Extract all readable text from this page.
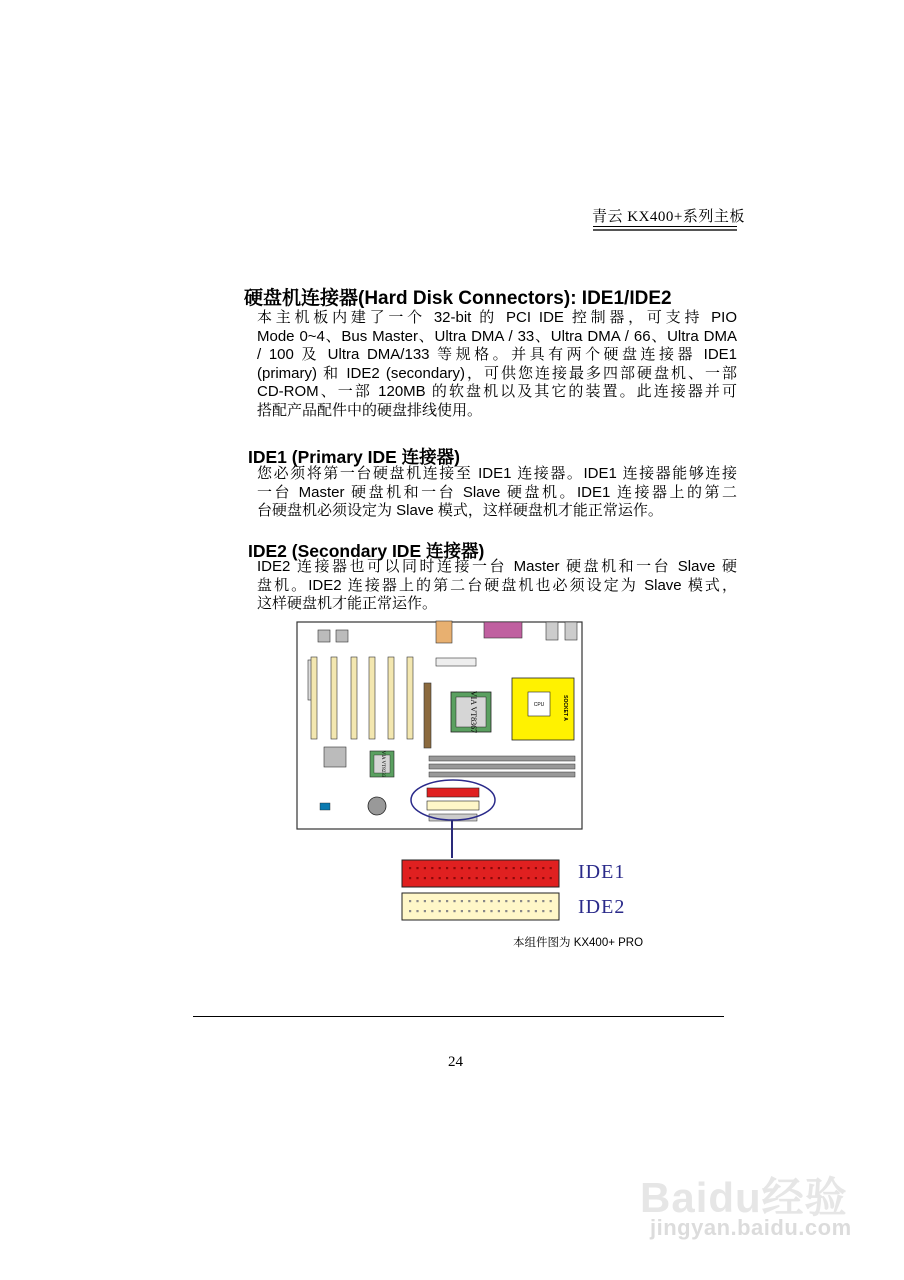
青云 KX400+系列主板
硬盘机连接器(Hard Disk Connectors): IDE1/IDE2
本主机板内建了一个 32-bit 的 PCI IDE 控制器，可支持 PIO
Mode 0~4、Bus Master、Ultra DMA / 33、Ultra DMA / 66、Ultra DMA
/ 100 及 Ultra DMA/133 等规格。并具有两个硬盘连接器 IDE1
(primary) 和 IDE2 (secondary)，可供您连接最多四部硬盘机、一部
CD-ROM、一部 120MB 的软盘机以及其它的装置。此连接器并可
搭配产品配件中的硬盘排线使用。
IDE1 (Primary IDE 连接器)
您必须将第一台硬盘机连接至 IDE1 连接器。IDE1 连接器能够连接
一台 Master 硬盘机和一台 Slave 硬盘机。IDE1 连接器上的第二
台硬盘机必须设定为 Slave 模式，这样硬盘机才能正常运作。
IDE2 (Secondary IDE 连接器)
IDE2 连接器也可以同时连接一台 Master 硬盘机和一台 Slave 硬
盘机。IDE2 连接器上的第二台硬盘机也必须设定为 Slave 模式，
这样硬盘机才能正常运作。
VIA VT8367	CPU	SOCKET A
VIA VT8233
IDE1
IDE2
本组件图为 KX400+ PRO
24
Baidu经验
jingyan.baidu.com
